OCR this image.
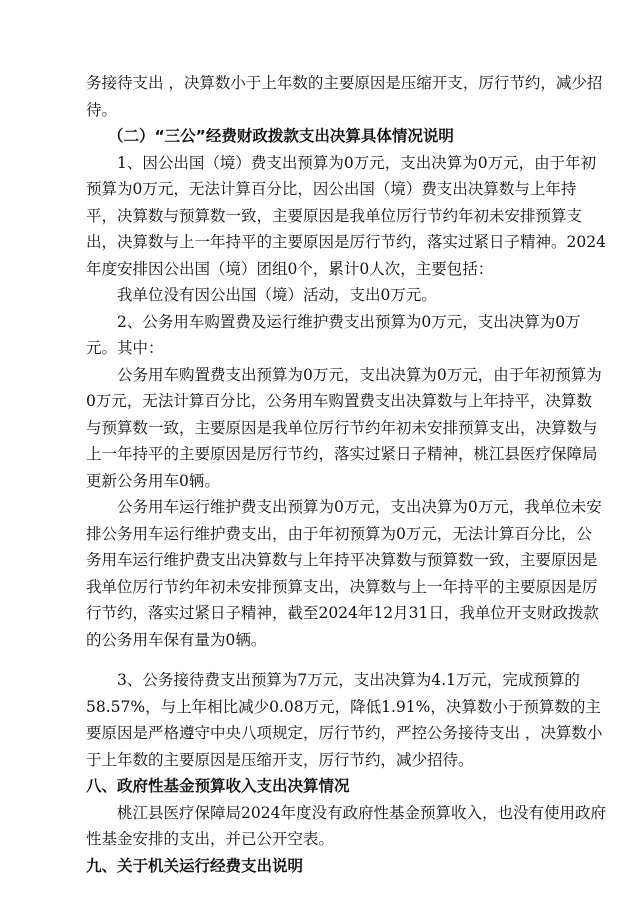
务接待支出 ，决算数小于上年数的主要原因是压缩开支，厉行节约，减少招待。

（二）“三公”经费财政拨款支出决算具体情况说明

1、因公出国（境）费支出预算为0万元，支出决算为0万元，由于年初预算为0万元，无法计算百分比，因公出国（境）费支出决算数与上年持平，决算数与预算数一致，主要原因是我单位厉行节约年初未安排预算支出，决算数与上一年持平的主要原因是厉行节约，落实过紧日子精神。2024年度安排因公出国（境）团组0个，累计0人次，主要包括：

我单位没有因公出国（境）活动，支出0万元。

2、公务用车购置费及运行维护费支出预算为0万元，支出决算为0万元。其中：

公务用车购置费支出预算为0万元，支出决算为0万元，由于年初预算为0万元，无法计算百分比，公务用车购置费支出决算数与上年持平，决算数与预算数一致，主要原因是我单位厉行节约年初未安排预算支出，决算数与上一年持平的主要原因是厉行节约，落实过紧日子精神，桃江县医疗保障局更新公务用车0辆。

公务用车运行维护费支出预算为0万元，支出决算为0万元，我单位未安排公务用车运行维护费支出，由于年初预算为0万元，无法计算百分比，公务用车运行维护费支出决算数与上年持平决算数与预算数一致，主要原因是我单位厉行节约年初未安排预算支出，决算数与上一年持平的主要原因是厉行节约，落实过紧日子精神，截至2024年12月31日，我单位开支财政拨款的公务用车保有量为0辆。

3、公务接待费支出预算为7万元，支出决算为4.1万元，完成预算的58.57%，与上年相比减少0.08万元，降低1.91%，决算数小于预算数的主要原因是严格遵守中央八项规定，厉行节约，严控公务接待支出 ，决算数小于上年数的主要原因是压缩开支，厉行节约，减少招待。

八、政府性基金预算收入支出决算情况

桃江县医疗保障局2024年度没有政府性基金预算收入，也没有使用政府性基金安排的支出，并已公开空表。

九、关于机关运行经费支出说明
